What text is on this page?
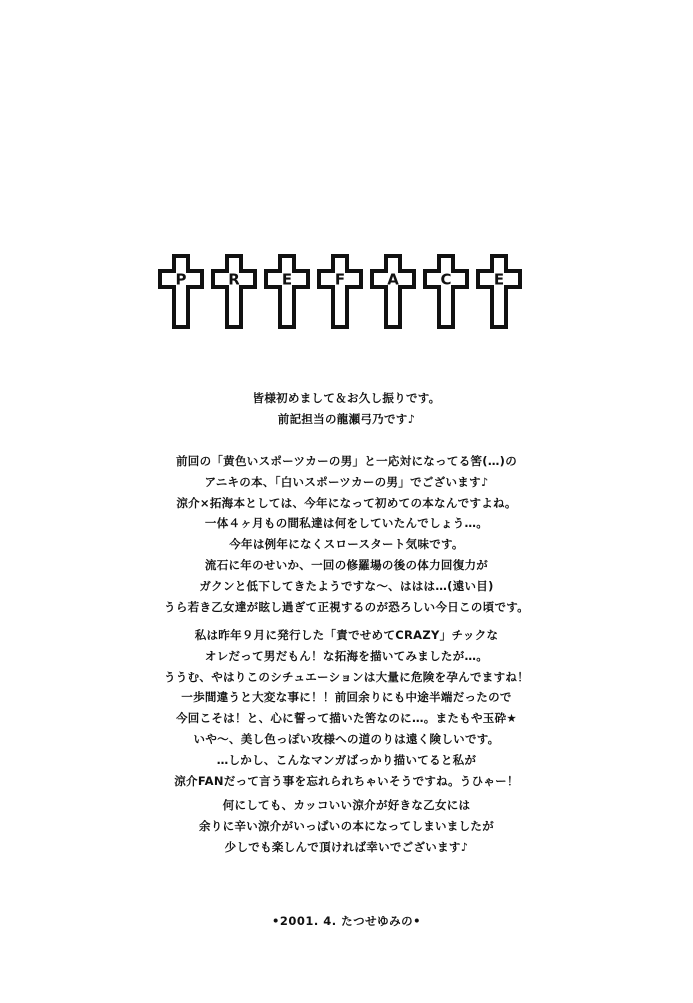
P	R	E	F	A	C	E
皆様初めまして＆お久し振りです。
前記担当の龍瀬弓乃です♪
前回の「黄色いスポーツカーの男」と一応対になってる筈(…)の
アニキの本、「白いスポーツカーの男」でございます♪
涼介×拓海本としては、今年になって初めての本なんですよね。
一体４ヶ月もの間私達は何をしていたんでしょう…。
今年は例年になくスロースタート気味です。
流石に年のせいか、一回の修羅場の後の体力回復力が
ガクンと低下してきたようですな〜、ははは…(遠い目)
うら若き乙女達が眩し過ぎて正視するのが恐ろしい今日この頃です。
私は昨年９月に発行した「責でせめてCRAZY」チックな
オレだって男だもん！な拓海を描いてみましたが…。
ううむ、やはりこのシチュエーションは大量に危険を孕んでますね！
一歩間違うと大変な事に！！前回余りにも中途半端だったので
今回こそは！と、心に誓って描いた筈なのに…。またもや玉砕★
いや〜、美し色っぽい攻様への道のりは遠く険しいです。
…しかし、こんなマンガばっかり描いてると私が
涼介FANだって言う事を忘れられちゃいそうですね。うひゃー！
何にしても、カッコいい涼介が好きな乙女には
余りに辛い涼介がいっぱいの本になってしまいましたが
少しでも楽しんで頂ければ幸いでございます♪
•2001. 4. たつせゆみの•
